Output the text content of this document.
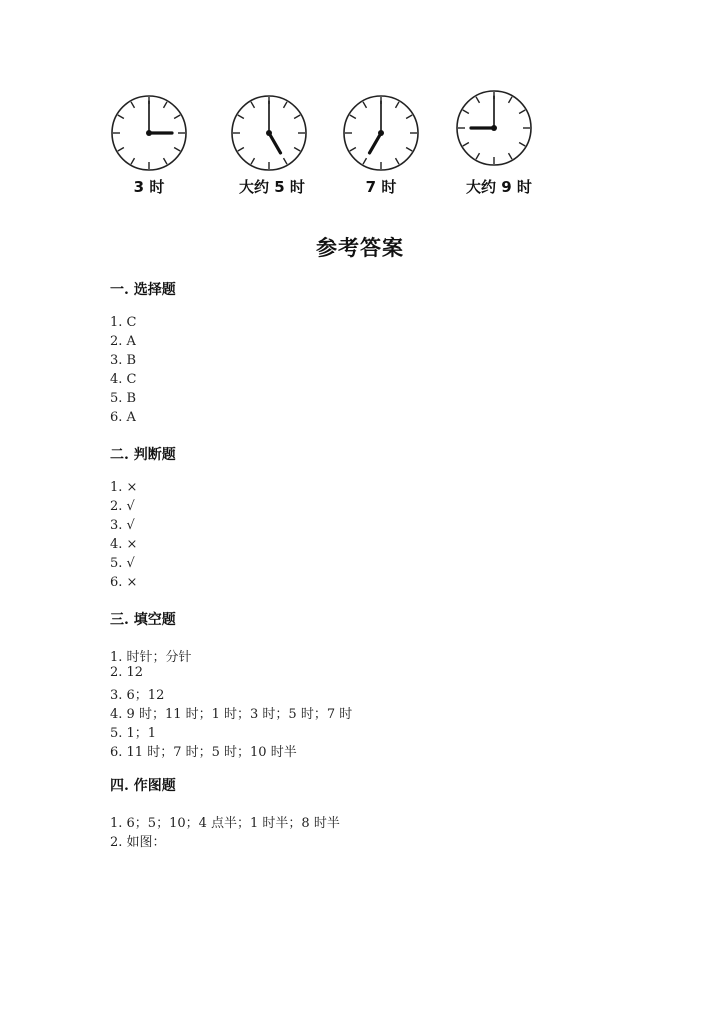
3 时	大约 5 时	7 时	大约 9 时
参考答案
一. 选择题
1. C
2. A
3. B
4. C
5. B
6. A
二. 判断题
1. ×
2. √
3. √
4. ×
5. √
6. ×
三. 填空题
1. 时针；分针
2. 12
3. 6；12
4. 9 时；11 时；1 时；3 时；5 时；7 时
5. 1；1
6. 11 时；7 时；5 时；10 时半
四. 作图题
1. 6；5；10；4 点半；1 时半；8 时半
2. 如图：
